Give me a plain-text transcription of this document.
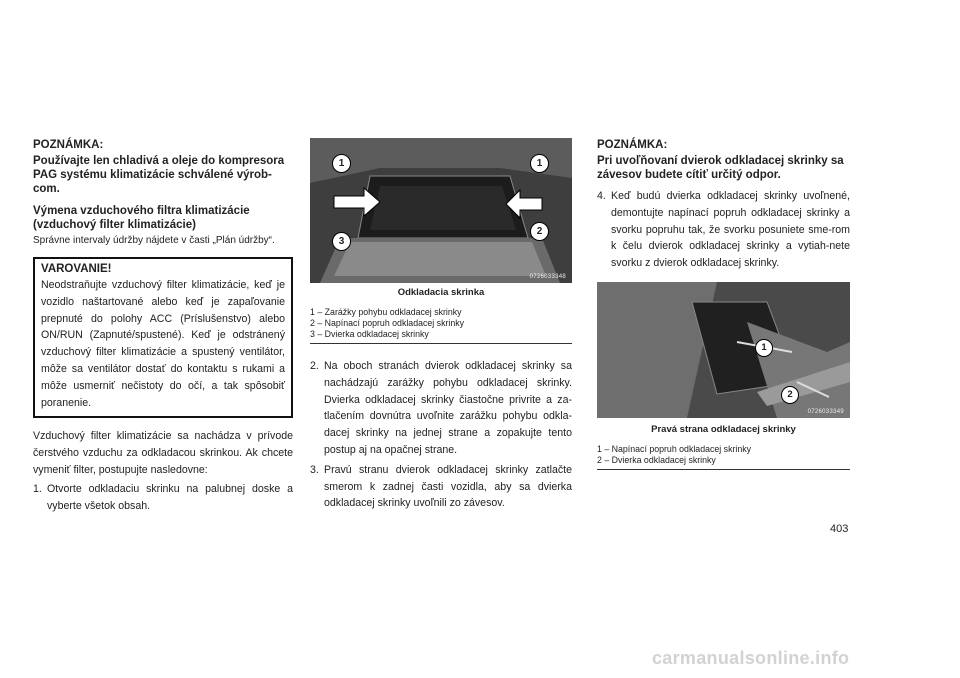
POZNÁMKA:

Používajte len chladivá a oleje do kompresora PAG systému klimatizácie schválené výrob-com.

Výmena vzduchového filtra klimatizácie (vzduchový filter klimatizácie)

Správne intervaly údržby nájdete v časti „Plán údržby“.

VAROVANIE!

Neodstraňujte vzduchový filter klimatizácie, keď je vozidlo naštartované alebo keď je zapaľovanie prepnuté do polohy ACC (Príslušenstvo) alebo ON/RUN (Zapnuté/spustené). Keď je odstránený vzduchový filter klimatizácie a spustený ventilátor, môže sa ventilátor dostať do kontaktu s rukami a môže usmerniť nečistoty do očí, a tak spôsobiť poranenie.

Vzduchový filter klimatizácie sa nachádza v prívode čerstvého vzduchu za odkladacou skrinkou. Ak chcete vymeniť filter, postupujte nasledovne:

1. Otvorte odkladaciu skrinku na palubnej doske a vyberte všetok obsah.
1	1
2
3
0726033348
Odkladacia skrinka
1 – Zarážky pohybu odkladacej skrinky
2 – Napínací popruh odkladacej skrinky
3 – Dvierka odkladacej skrinky
2. Na oboch stranách dvierok odkladacej skrinky sa nachádzajú zarážky pohybu odkladacej skrinky. Dvierka odkladacej skrinky čiastočne privrite a za-tlačením dovnútra uvoľnite zarážku pohybu odkla-dacej skrinky na jednej strane a zopakujte tento postup aj na opačnej strane.
3. Pravú stranu dvierok odkladacej skrinky zatlačte smerom k zadnej časti vozidla, aby sa dvierka odkladacej skrinky uvoľnili zo závesov.

POZNÁMKA:

Pri uvoľňovaní dvierok odkladacej skrinky sa závesov budete cítiť určitý odpor.

4. Keď budú dvierka odkladacej skrinky uvoľnené, demontujte napínací popruh odkladacej skrinky a svorku popruhu tak, že svorku posuniete sme-rom k čelu dvierok odkladacej skrinky a vytiah-nete svorku z dvierok odkladacej skrinky.
1
2
0726033349
Pravá strana odkladacej skrinky
1 – Napínací popruh odkladacej skrinky
2 – Dvierka odkladacej skrinky
403
carmanualsonline.info
